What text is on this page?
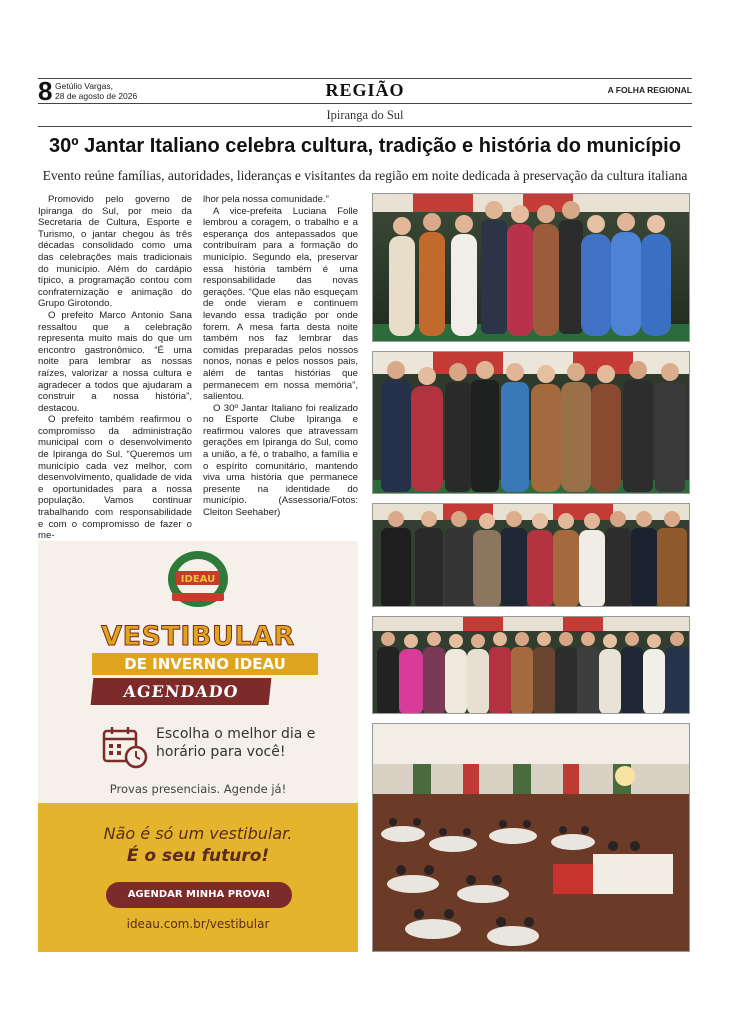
8 Getúlio Vargas,
28 de agosto de 2026	REGIÃO	A FOLHA REGIONAL
Ipiranga do Sul
30º Jantar Italiano celebra cultura, tradição e história do município
Evento reúne famílias, autoridades, lideranças e visitantes da região em noite dedicada à preservação da cultura italiana

Promovido pelo governo de Ipiranga do Sul, por meio da Secretaria de Cultura, Esporte e Turismo, o jantar chegou às três décadas consolidado como uma das celebrações mais tradicionais do município. Além do cardápio típico, a programação contou com confraternização e animação do Grupo Girotondo.

O prefeito Marco Antonio Sana ressaltou que a celebração representa muito mais do que um encontro gastronômico. “É uma noite para lembrar as nossas raízes, valorizar a nossa cultura e agradecer a todos que ajudaram a construir a nossa história”, destacou.

O prefeito também reafirmou o compromisso da administração municipal com o desenvolvimento de Ipiranga do Sul. “Queremos um município cada vez melhor, com desenvolvimento, qualidade de vida e oportunidades para a nossa população. Vamos continuar trabalhando com responsabilidade e com o compromisso de fazer o me-

lhor pela nossa comunidade.”

A vice-prefeita Luciana Folle lembrou a coragem, o trabalho e a esperança dos antepassados que contribuíram para a formação do município. Segundo ela, preservar essa história também é uma responsabilidade das novas gerações. “Que elas não esqueçam de onde vieram e continuem levando essa tradição por onde forem. A mesa farta desta noite também nos faz lembrar das comidas preparadas pelos nossos nonos, nonas e pelos nossos pais, além de tantas histórias que permanecem em nossa memória”, salientou.

O 30º Jantar Italiano foi realizado no Esporte Clube Ipiranga e reafirmou valores que atravessam gerações em Ipiranga do Sul, como a união, a fé, o trabalho, a família e o espírito comunitário, mantendo viva uma história que permanece presente na identidade do município. (Assessoria/Fotos: Cleiton Seehaber)

IDEAU
VESTIBULAR
DE INVERNO IDEAU
AGENDADO
Escolha o melhor dia e horário para você!
Provas presenciais. Agende já!
Não é só um vestibular.
É o seu futuro!
AGENDAR MINHA PROVA!
ideau.com.br/vestibular
